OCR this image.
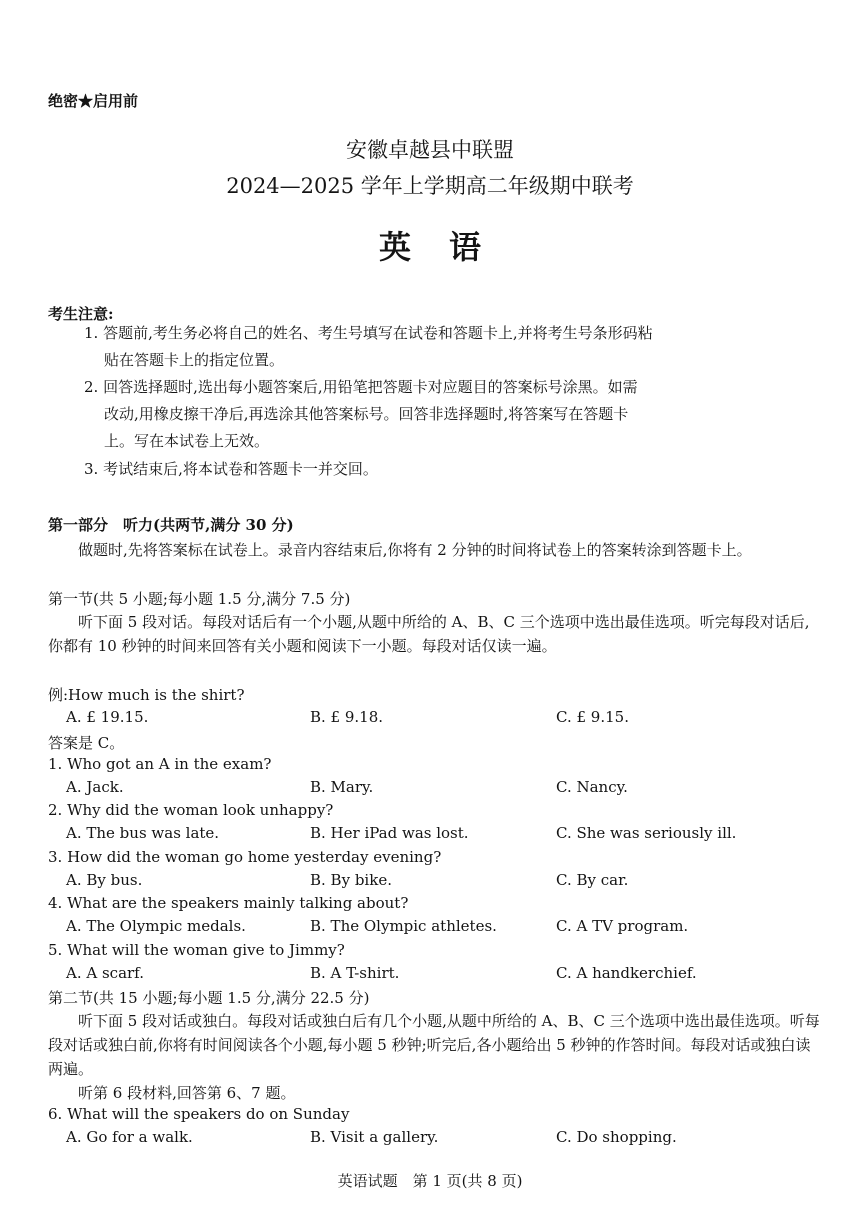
绝密★启用前
安徽卓越县中联盟
2024—2025 学年上学期高二年级期中联考
英语
考生注意:
1. 答题前,考生务必将自己的姓名、考生号填写在试卷和答题卡上,并将考生号条形码粘
贴在答题卡上的指定位置。
2. 回答选择题时,选出每小题答案后,用铅笔把答题卡对应题目的答案标号涂黑。如需
改动,用橡皮擦干净后,再选涂其他答案标号。回答非选择题时,将答案写在答题卡
上。写在本试卷上无效。
3. 考试结束后,将本试卷和答题卡一并交回。
第一部分　听力(共两节,满分 30 分)
做题时,先将答案标在试卷上。录音内容结束后,你将有 2 分钟的时间将试卷上的答案转涂到答题卡上。
第一节(共 5 小题;每小题 1.5 分,满分 7.5 分)
听下面 5 段对话。每段对话后有一个小题,从题中所给的 A、B、C 三个选项中选出最佳选项。听完每段对话后,你都有 10 秒钟的时间来回答有关小题和阅读下一小题。每段对话仅读一遍。
例:How much is the shirt?
A. £ 19.15.	B. £ 9.18.	C. £ 9.15.
答案是 C。
1. Who got an A in the exam?
A. Jack.	B. Mary.	C. Nancy.
2. Why did the woman look unhappy?
A. The bus was late.	B. Her iPad was lost.	C. She was seriously ill.
3. How did the woman go home yesterday evening?
A. By bus.	B. By bike.	C. By car.
4. What are the speakers mainly talking about?
A. The Olympic medals.	B. The Olympic athletes.	C. A TV program.
5. What will the woman give to Jimmy?
A. A scarf.	B. A T-shirt.	C. A handkerchief.
第二节(共 15 小题;每小题 1.5 分,满分 22.5 分)
听下面 5 段对话或独白。每段对话或独白后有几个小题,从题中所给的 A、B、C 三个选项中选出最佳选项。听每段对话或独白前,你将有时间阅读各个小题,每小题 5 秒钟;听完后,各小题给出 5 秒钟的作答时间。每段对话或独白读两遍。
听第 6 段材料,回答第 6、7 题。
6. What will the speakers do on Sunday
A. Go for a walk.	B. Visit a gallery.	C. Do shopping.
英语试题　第 1 页(共 8 页)
